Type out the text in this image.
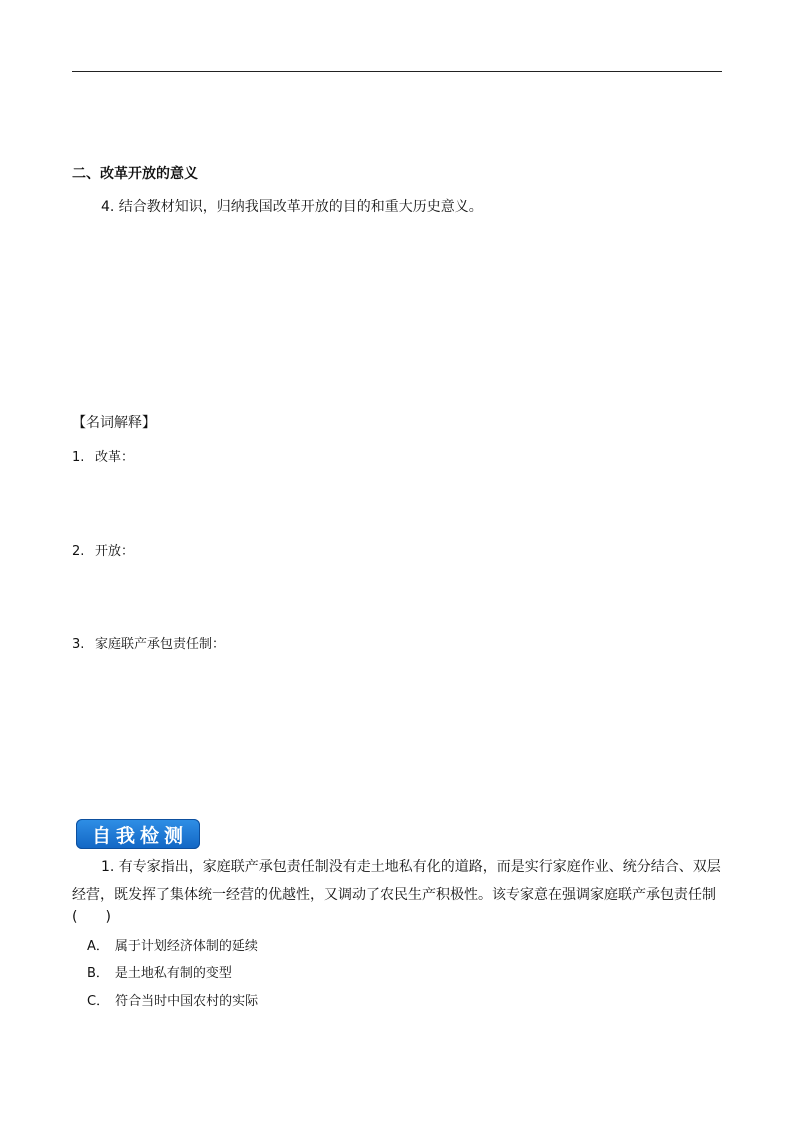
二、改革开放的意义
4. 结合教材知识，归纳我国改革开放的目的和重大历史意义。
【名词解释】
1. 改革：
2. 开放：
3. 家庭联产承包责任制：
自我检测
1. 有专家指出，家庭联产承包责任制没有走土地私有化的道路，而是实行家庭作业、统分结合、双层经营，既发挥了集体统一经营的优越性，又调动了农民生产积极性。该专家意在强调家庭联产承包责任制
(　　)
A． 属于计划经济体制的延续
B． 是土地私有制的变型
C． 符合当时中国农村的实际
